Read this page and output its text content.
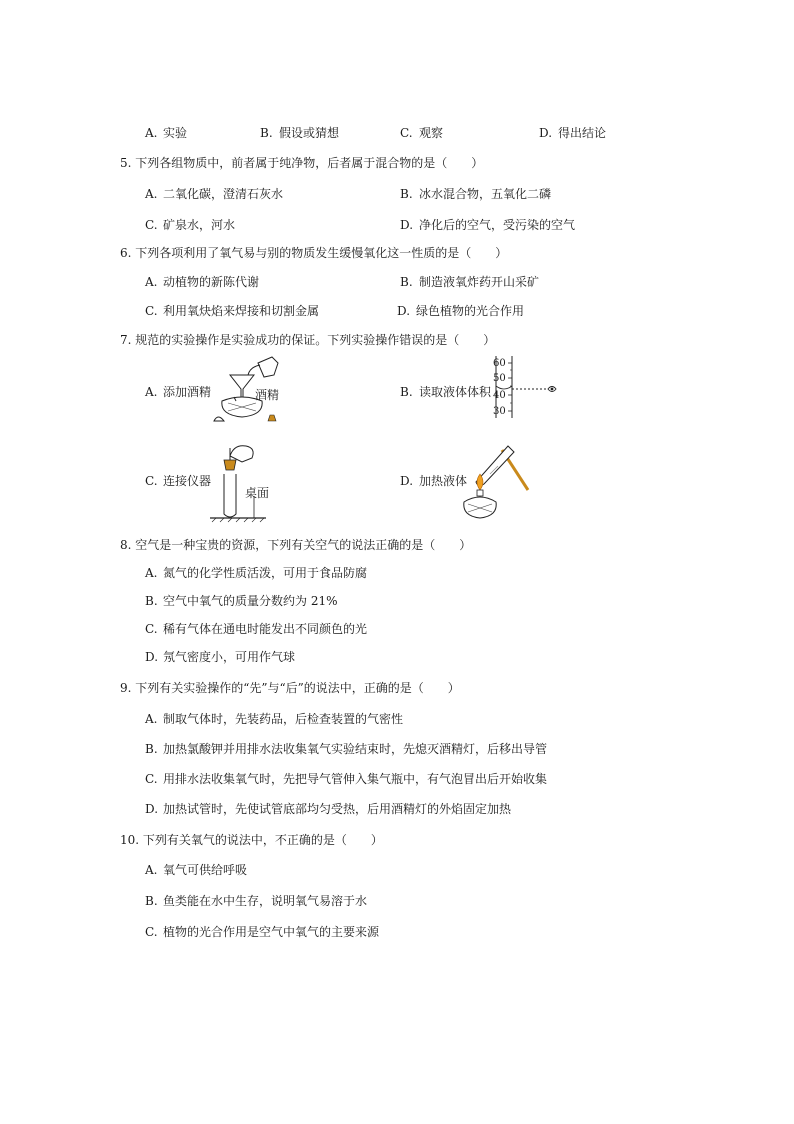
A. 实验	B. 假设或猜想	C. 观察	D. 得出结论
5. 下列各组物质中，前者属于纯净物，后者属于混合物的是（　　）
A. 二氧化碳，澄清石灰水	B. 冰水混合物，五氧化二磷
C. 矿泉水，河水	D. 净化后的空气，受污染的空气
6. 下列各项利用了氧气易与别的物质发生缓慢氧化这一性质的是（　　）
A. 动植物的新陈代谢	B. 制造液氧炸药开山采矿
C. 利用氧炔焰来焊接和切割金属	D. 绿色植物的光合作用
7. 规范的实验操作是实验成功的保证。下列实验操作错误的是（　　）
A. 添加酒精	B. 读取液体体积
C. 连接仪器	D. 加热液体
酒精
60
50
40
30
桌面
8. 空气是一种宝贵的资源，下列有关空气的说法正确的是（　　）
A. 氮气的化学性质活泼，可用于食品防腐
B. 空气中氧气的质量分数约为 21%
C. 稀有气体在通电时能发出不同颜色的光
D. 氖气密度小，可用作气球
9. 下列有关实验操作的“先”与“后”的说法中，正确的是（　　）
A. 制取气体时，先装药品，后检查装置的气密性
B. 加热氯酸钾并用排水法收集氧气实验结束时，先熄灭酒精灯，后移出导管
C. 用排水法收集氧气时，先把导气管伸入集气瓶中，有气泡冒出后开始收集
D. 加热试管时，先使试管底部均匀受热，后用酒精灯的外焰固定加热
10. 下列有关氧气的说法中，不正确的是（　　）
A. 氧气可供给呼吸
B. 鱼类能在水中生存，说明氧气易溶于水
C. 植物的光合作用是空气中氧气的主要来源
